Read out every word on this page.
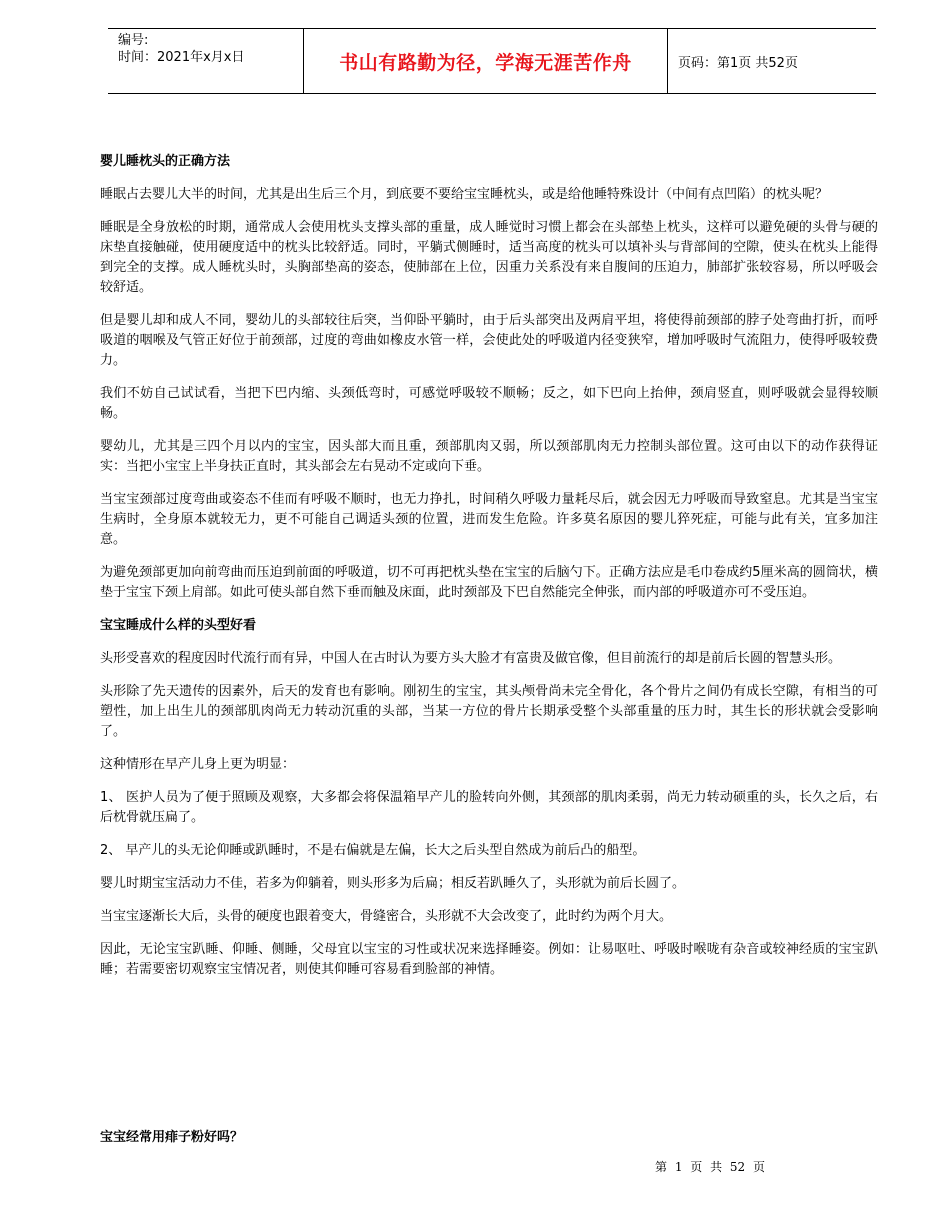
编号:
时间：2021年x月x日	书山有路勤为径，学海无涯苦作舟	页码：第1页 共52页
婴儿睡枕头的正确方法

睡眠占去婴儿大半的时间，尤其是出生后三个月，到底要不要给宝宝睡枕头，或是给他睡特殊设计（中间有点凹陷）的枕头呢？

睡眠是全身放松的时期，通常成人会使用枕头支撑头部的重量，成人睡觉时习惯上都会在头部垫上枕头，这样可以避免硬的头骨与硬的床垫直接触碰，使用硬度适中的枕头比较舒适。同时，平躺式侧睡时，适当高度的枕头可以填补头与背部间的空隙，使头在枕头上能得到完全的支撑。成人睡枕头时，头胸部垫高的姿态，使肺部在上位，因重力关系没有来自腹间的压迫力，肺部扩张较容易，所以呼吸会较舒适。

但是婴儿却和成人不同，婴幼儿的头部较往后突，当仰卧平躺时，由于后头部突出及两肩平坦，将使得前颈部的脖子处弯曲打折，而呼吸道的咽喉及气管正好位于前颈部，过度的弯曲如橡皮水管一样，会使此处的呼吸道内径变狭窄，增加呼吸时气流阻力，使得呼吸较费力。

我们不妨自己试试看，当把下巴内缩、头颈低弯时，可感觉呼吸较不顺畅；反之，如下巴向上抬伸，颈肩竖直，则呼吸就会显得较顺畅。

婴幼儿，尤其是三四个月以内的宝宝，因头部大而且重，颈部肌肉又弱，所以颈部肌肉无力控制头部位置。这可由以下的动作获得证实：当把小宝宝上半身扶正直时，其头部会左右晃动不定或向下垂。

当宝宝颈部过度弯曲或姿态不佳而有呼吸不顺时，也无力挣扎，时间稍久呼吸力量耗尽后，就会因无力呼吸而导致窒息。尤其是当宝宝生病时，全身原本就较无力，更不可能自己调适头颈的位置，进而发生危险。许多莫名原因的婴儿猝死症，可能与此有关，宜多加注意。

为避免颈部更加向前弯曲而压迫到前面的呼吸道，切不可再把枕头垫在宝宝的后脑勺下。正确方法应是毛巾卷成约5厘米高的圆筒状，横垫于宝宝下颈上肩部。如此可使头部自然下垂而触及床面，此时颈部及下巴自然能完全伸张，而内部的呼吸道亦可不受压迫。

宝宝睡成什么样的头型好看

头形受喜欢的程度因时代流行而有异，中国人在古时认为要方头大脸才有富贵及做官像，但目前流行的却是前后长圆的智慧头形。

头形除了先天遗传的因素外，后天的发育也有影响。刚初生的宝宝，其头颅骨尚未完全骨化，各个骨片之间仍有成长空隙，有相当的可塑性，加上出生儿的颈部肌肉尚无力转动沉重的头部，当某一方位的骨片长期承受整个头部重量的压力时，其生长的形状就会受影响了。

这种情形在早产儿身上更为明显：

1、 医护人员为了便于照顾及观察，大多都会将保温箱早产儿的脸转向外侧，其颈部的肌肉柔弱，尚无力转动硕重的头，长久之后，右后枕骨就压扁了。

2、 早产儿的头无论仰睡或趴睡时，不是右偏就是左偏，长大之后头型自然成为前后凸的船型。

婴儿时期宝宝活动力不佳，若多为仰躺着，则头形多为后扁；相反若趴睡久了，头形就为前后长圆了。

当宝宝逐渐长大后，头骨的硬度也跟着变大，骨缝密合，头形就不大会改变了，此时约为两个月大。

因此，无论宝宝趴睡、仰睡、侧睡，父母宜以宝宝的习性或状况来选择睡姿。例如：让易呕吐、呼吸时喉咙有杂音或较神经质的宝宝趴睡；若需要密切观察宝宝情况者，则使其仰睡可容易看到脸部的神情。

宝宝经常用痱子粉好吗？
第 1 页 共 52 页
